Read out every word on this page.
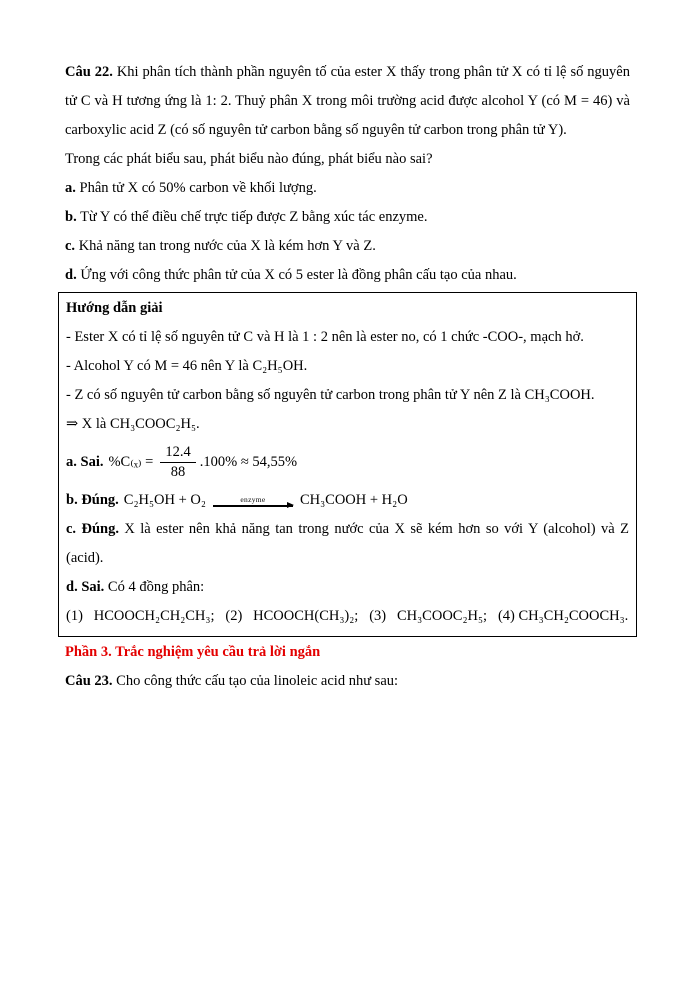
Câu 22. Khi phân tích thành phần nguyên tố của ester X thấy trong phân tử X có tỉ lệ số nguyên tử C và H tương ứng là 1: 2. Thuỷ phân X trong môi trường acid được alcohol Y (có M = 46) và carboxylic acid Z (có số nguyên tử carbon bằng số nguyên tử carbon trong phân tử Y).

Trong các phát biểu sau, phát biểu nào đúng, phát biểu nào sai?

a. Phân tử X có 50% carbon về khối lượng.

b. Từ Y có thể điều chế trực tiếp được Z bằng xúc tác enzyme.

c. Khả năng tan trong nước của X là kém hơn Y và Z.

d. Ứng với công thức phân tử của X có 5 ester là đồng phân cấu tạo của nhau.

Hướng dẫn giải

- Ester X có tỉ lệ số nguyên tử C và H là 1 : 2 nên là ester no, có 1 chức -COO-, mạch hở.

- Alcohol Y có M = 46 nên Y là C₂H₅OH.

- Z có số nguyên tử carbon bằng số nguyên tử carbon trong phân tử Y nên Z là CH₃COOH.

⇒ X là CH₃COOC₂H₅.

a. Sai. $\%C_{(x)} = \frac{12.4}{88} .100\% \approx 54,55\%$
b. Đúng. C₂H₅OH + O₂	enzyme CH₃COOH + H₂O

c. Đúng. X là ester nên khả năng tan trong nước của X sẽ kém hơn so với Y (alcohol) và Z (acid).

d. Sai. Có 4 đồng phân:

(1)   HCOOCH₂CH₂CH₃;   (2)   HCOOCH(CH₃)₂;   (3)   CH₃COOC₂H₅;   (4) CH₃CH₂COOCH₃.

Phần 3. Trắc nghiệm yêu cầu trả lời ngắn

Câu 23. Cho công thức cấu tạo của linoleic acid như sau:
